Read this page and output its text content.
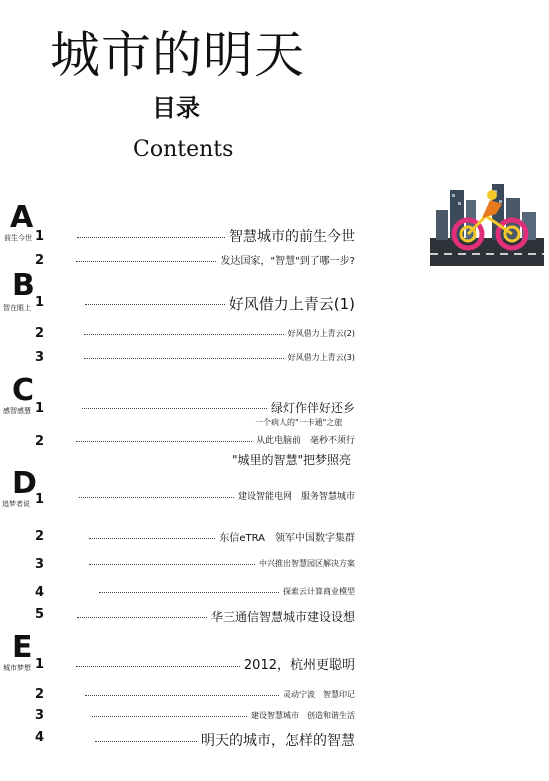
城市的明天
目录
Contents
A
前生今世
B
智在眼上
C
感智感慧
D
追梦者说
E
城市梦想
1	智慧城市的前生今世
2	发达国家，"智慧"到了哪一步?
1	好风借力上青云(1)
2	好风借力上青云(2)
3	好风借力上青云(3)
1	绿灯作伴好还乡
一个病人的"一卡通"之旅
2	从此电脑前　毫秒不须行
"城里的智慧"把梦照亮
1	建设智能电网　服务智慧城市
2	东信eTRA　领军中国数字集群
3	中兴推出智慧园区解决方案
4	探索云计算商业模型
5	华三通信智慧城市建设设想
1	2012，杭州更聪明
2	灵动宁波　智慧印记
3	建设智慧城市　创造和谐生活
4	明天的城市，怎样的智慧
